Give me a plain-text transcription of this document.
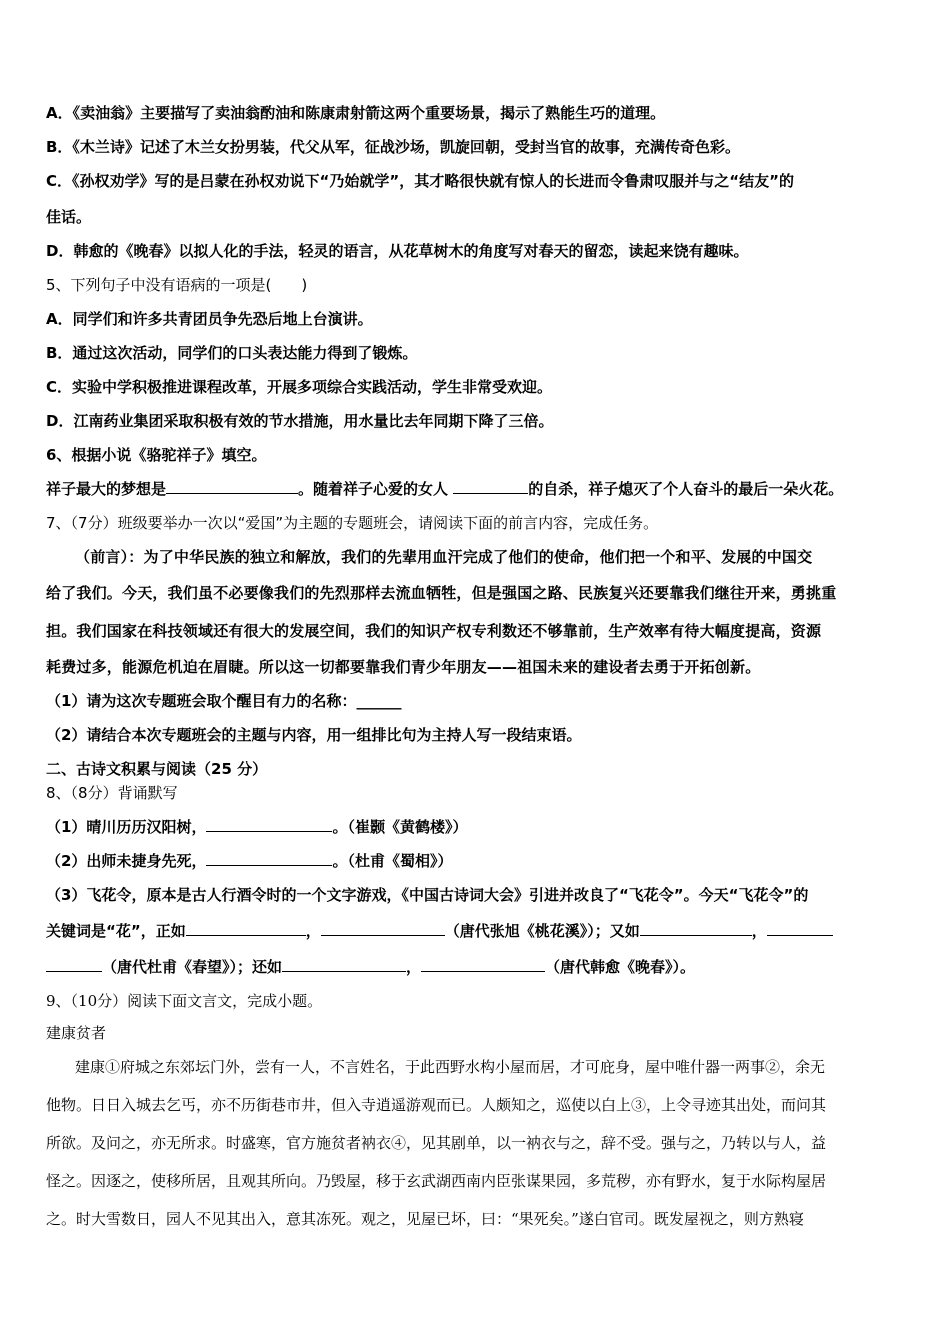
A．《卖油翁》主要描写了卖油翁酌油和陈康肃射箭这两个重要场景，揭示了熟能生巧的道理。
B．《木兰诗》记述了木兰女扮男装，代父从军，征战沙场，凯旋回朝，受封当官的故事，充满传奇色彩。
C．《孙权劝学》写的是吕蒙在孙权劝说下“乃始就学”，其才略很快就有惊人的长进而令鲁肃叹服并与之“结友”的
佳话。
D．韩愈的《晚春》以拟人化的手法，轻灵的语言，从花草树木的角度写对春天的留恋，读起来饶有趣味。
5、下列句子中没有语病的一项是(　　)
A．同学们和许多共青团员争先恐后地上台演讲。
B．通过这次活动，同学们的口头表达能力得到了锻炼。
C．实验中学积极推进课程改革，开展多项综合实践活动，学生非常受欢迎。
D．江南药业集团采取积极有效的节水措施，用水量比去年同期下降了三倍。
6、根据小说《骆驼祥子》填空。
祥子最大的梦想是	。随着祥子心爱的女人	的自杀，祥子熄灭了个人奋斗的最后一朵火花。
7、（7分）班级要举办一次以“爱国”为主题的专题班会，请阅读下面的前言内容，完成任务。
（前言）：为了中华民族的独立和解放，我们的先辈用血汗完成了他们的使命，他们把一个和平、发展的中国交
给了我们。今天，我们虽不必要像我们的先烈那样去流血牺牲，但是强国之路、民族复兴还要靠我们继往开来，勇挑重
担。我们国家在科技领域还有很大的发展空间，我们的知识产权专利数还不够靠前，生产效率有待大幅度提高，资源
耗费过多，能源危机迫在眉睫。所以这一切都要靠我们青少年朋友——祖国未来的建设者去勇于开拓创新。
（1）请为这次专题班会取个醒目有力的名称：______
（2）请结合本次专题班会的主题与内容，用一组排比句为主持人写一段结束语。
二、古诗文积累与阅读（25 分）
8、（8分）背诵默写
（1）晴川历历汉阳树，	。（崔颢《黄鹤楼》）
（2）出师未捷身先死，	。（杜甫《蜀相》）
（3）飞花令，原本是古人行酒令时的一个文字游戏，《中国古诗词大会》引进并改良了“飞花令”。今天“飞花令”的
关键词是“花”，正如	，	（唐代张旭《桃花溪》）；又如	，
（唐代杜甫《春望》）；还如	，	（唐代韩愈《晚春》）。
9、（10分）阅读下面文言文，完成小题。
建康贫者
建康①府城之东郊坛门外，尝有一人，不言姓名，于此西野水构小屋而居，才可庇身，屋中唯什器一两事②，余无
他物。日日入城去乞丐，亦不历街巷市井，但入寺逍遥游观而已。人颇知之，巡使以白上③，上令寻迹其出处，而问其
所欲。及问之，亦无所求。时盛寒，官方施贫者衲衣④，见其剧单，以一衲衣与之，辞不受。强与之，乃转以与人，益
怪之。因逐之，使移所居，且观其所向。乃毁屋，移于玄武湖西南内臣张谋果园，多荒秽，亦有野水，复于水际构屋居
之。时大雪数日，园人不见其出入，意其冻死。观之，见屋已坏，曰：“果死矣。”遂白官司。既发屋视之，则方熟寝
